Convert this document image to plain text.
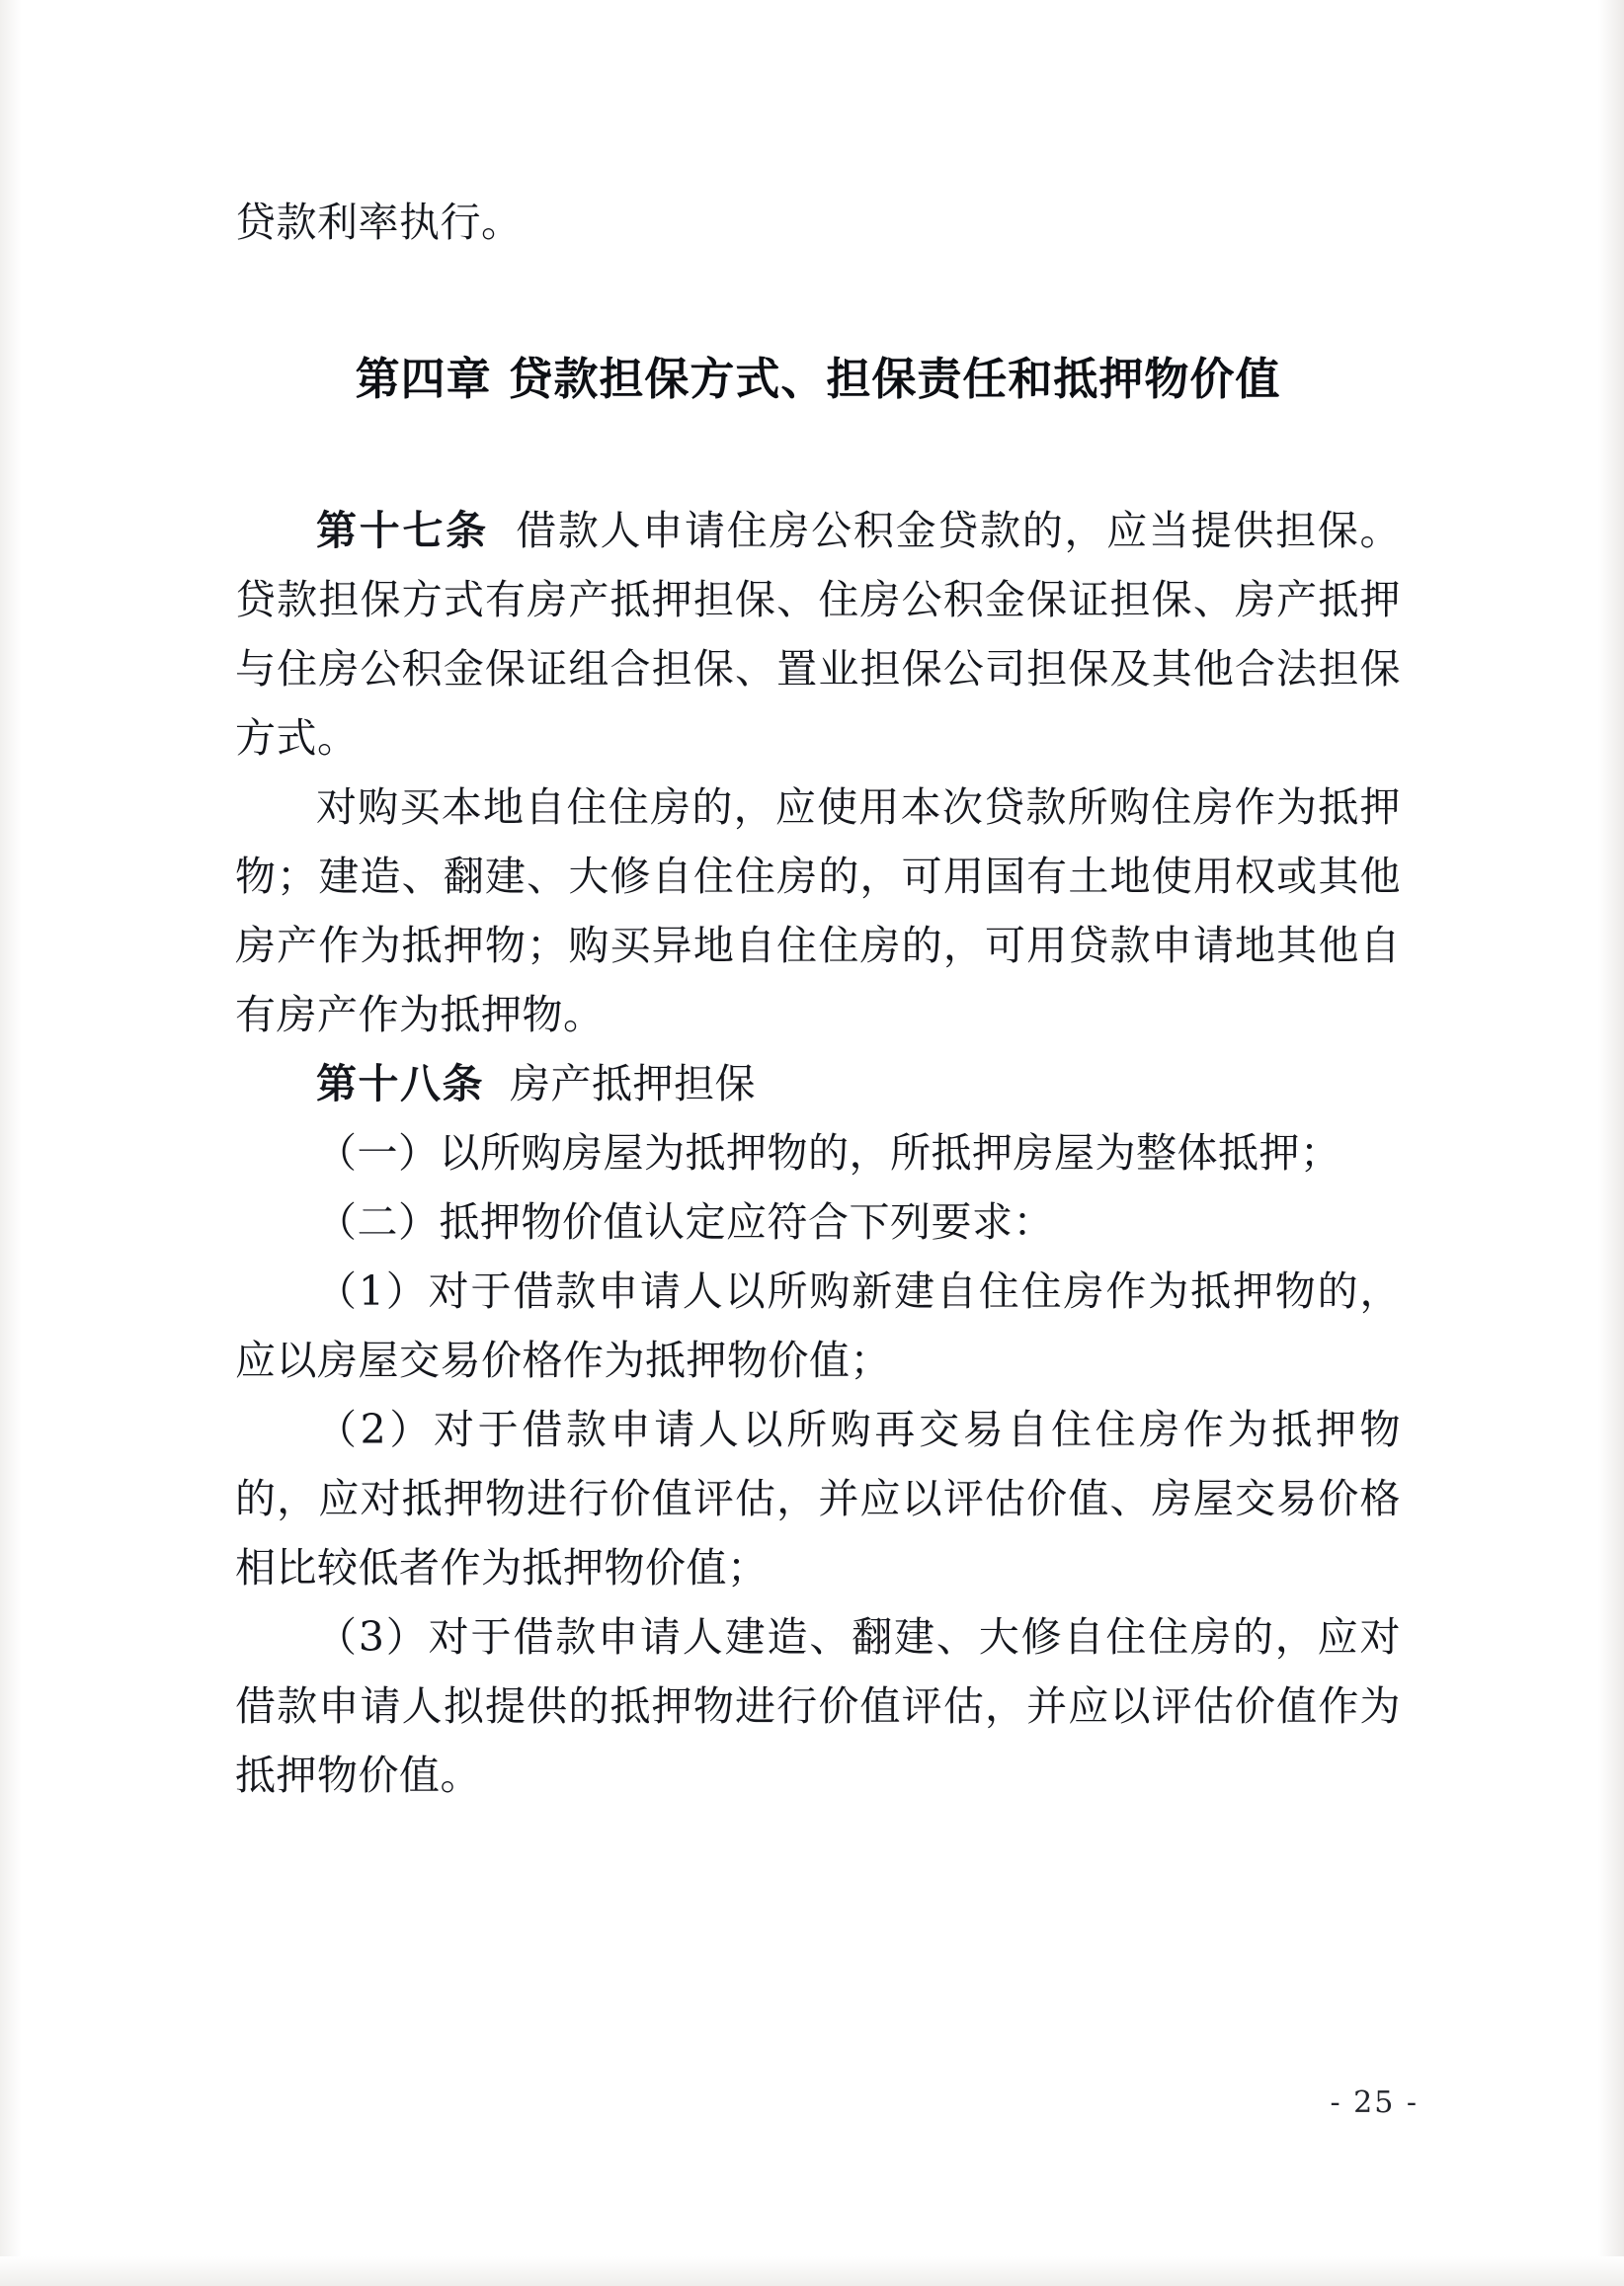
贷款利率执行。

第四章 贷款担保方式、担保责任和抵押物价值

第十七条 借款人申请住房公积金贷款的，应当提供担保。贷款担保方式有房产抵押担保、住房公积金保证担保、房产抵押与住房公积金保证组合担保、置业担保公司担保及其他合法担保方式。

对购买本地自住住房的，应使用本次贷款所购住房作为抵押物；建造、翻建、大修自住住房的，可用国有土地使用权或其他房产作为抵押物；购买异地自住住房的，可用贷款申请地其他自有房产作为抵押物。

第十八条 房产抵押担保

（一）以所购房屋为抵押物的，所抵押房屋为整体抵押；

（二）抵押物价值认定应符合下列要求：

（1）对于借款申请人以所购新建自住住房作为抵押物的，应以房屋交易价格作为抵押物价值；

（2）对于借款申请人以所购再交易自住住房作为抵押物的，应对抵押物进行价值评估，并应以评估价值、房屋交易价格相比较低者作为抵押物价值；

（3）对于借款申请人建造、翻建、大修自住住房的，应对借款申请人拟提供的抵押物进行价值评估，并应以评估价值作为抵押物价值。

- 25 -
